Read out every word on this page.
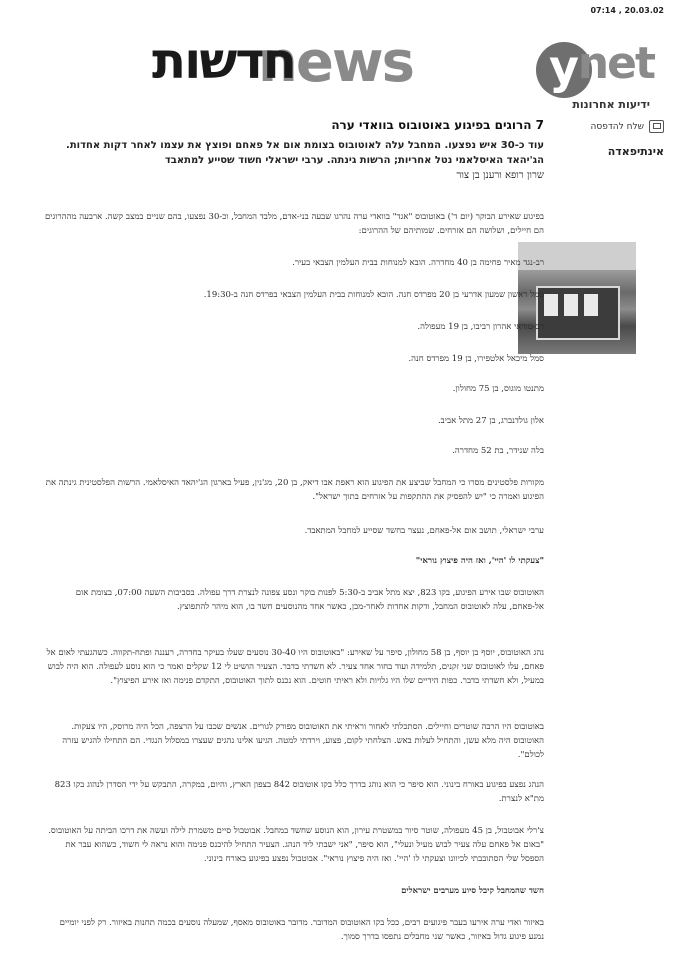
07:14 , 20.03.02
y
net
ידיעות אחרונות
news
חדשות
שלח להדפסה
אינתיפאדה
7 הרוגים בפיגוע באוטובוס בוואדי ערה

עוד כ-30 איש נפצעו. המחבל עלה לאוטובוס בצומת אום אל פאחם ופוצץ את עצמו לאחר דקות אחדות. הג'יהאד האיסלאמי נטל אחריות; הרשות גינתה. ערבי ישראלי חשוד שסייע למתאבד

שרון רופא ורענן בן צור

בפיגוע שאירע הבוקר (יום ד') באוטובוס "אגד" בוואדי ערה נהרגו שבעה בני-אדם, מלבד המחבל, וכ-30 נפצעו, בהם שניים במצב קשה. ארבעה מההרוגים הם חיילים, ושלושה הם אזרחים. שמותיהם של ההרוגים:

רב-נגד מאיר פחימה בן 40 מחדרה. הובא למנוחות בבית העלמין הצבאי בעיר.

סמל ראשון שמעון אדרעי בן 20 מפרדס חנה. הובא למנוחות בבית העלמין הצבאי בפרדס חנה ב-19:30.

רב-טוראי אהרון רביבו, בן 19 מעפולה.

סמל מיכאל אלטפירו, בן 19 מפרדס חנה.

מתנטו מוגוס, בן 75 מחולון.

אלון גולדנברג, בן 27 מתל אביב.

בלה שנידר, בת 52 מחדרה.

מקורות פלסטינים מסרו כי המחבל שביצע את הפיגוע הוא ראפת אבו דיאק, בן 20, מג'נין, פעיל בארגון הג'יהאד האיסלאמי. הרשות הפלסטינית גינתה את הפיגוע ואמרה כי "יש להפסיק את ההתקפות על אזרחים בתוך ישראל".

ערבי ישראלי, תושב אום אל-פאחם, נעצר בחשד שסייע למחבל המתאבד.

"צעקתי לו 'היי', ואז היה פיצוץ נוראי"

האוטובוס שבו אירע הפיגוע, בקו 823, יצא מתל אביב ב-5:30 לפנות בוקר ונסע צפונה לנצרת דרך עפולה. בסביבות השעה 07:00, בצומת אום אל-פאחם, עלה לאוטובוס המחבל, ודקות אחדות לאחר-מכן, כאשר אחד מהנוסעים חשד בו, הוא מיהר להתפוצץ.

נהג האוטובוס, יוסף בן יוסף, בן 58 מחולון, סיפר על שאירע: "באוטובוס היו 30-40 נוסעים שעלו בעיקר בחדרה, רעננה ופתח-תקווה. כשהגעתי לאום אל פאחם, עלו לאוטובוס שני זקנים, תלמידה ועוד בחור אחד צעיר. לא חשדתי בדבר. הצעיר הושיט לי 12 שקלים ואמר כי הוא נוסע לעפולה. הוא היה לבוש במעיל, ולא חשדתי בדבר. כפות הידיים שלו היו גלויות ולא ראיתי חוטים. הוא נכנס לתוך האוטובוס, התקדם פנימה ואז אירע הפיצוץ".

באוטובוס היו הרבה שוטרים וחיילים. הסתכלתי לאחור וראיתי את האוטובוס מפורק לגורים. אנשים שכבו על הרצפה, הכל היה מרוסק, היו צעקות. האוטובוס היה מלא עשן, והתחיל לעלות באש. הצלחתי לקום, פצוע, וירדתי למטה. הגיעו אלינו נהגים שעצרו במסלול הנגדי. הם התחילו להגיש עזרה לכולם".

הנהג נפצע בפיגוע באורח בינוני. הוא סיפר כי הוא נוהג בדרך כלל בקו אוטובוס 842 בצפון הארץ, והיום, במקרה, התבקש על ידי הסדרן לנהוג בקו 823 מת"א לנצרת.

צ'רלי אבוטבול, בן 45 מעפולה, שוטר סיור במשטרת עירון, הוא הנוסע שחשד במחבל. אבוטבול סיים משמרת לילה ועשה את דרכו הביתה על האוטובוס. "באום אל פאחם עלה צעיר לבוש מעיל ונעלי", הוא סיפר, "אני ישבתי ליד הנהג. הצעיר התחיל להיכנס פנימה והוא נראה לי חשוד, כשהוא עבר את הספסל שלי הסתובבתי לכיוונו וצעקתי לו 'היי'. ואז היה פיצוץ נוראי". אבוטבול נפצע בפיגוע באורח בינוני.

חשד שהמחבל קיבל סיוע מערבים ישראלים

באיזור ואדי ערה אירעו בעבר פיגועים רבים, ככל בקו האוטובוס המדובר. מדובר באוטובוס מאסף, שמעלה נוסעים בכמה תחנות באיזור. רק לפני יומיים נמנע פיגוע גדול באיזור, כאשר שני מחבלים נתפסו בדרך סמוך.
